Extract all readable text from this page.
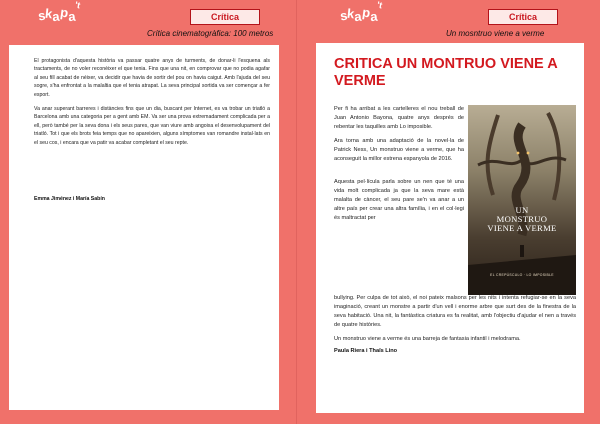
s
k
a
p
a
't
Crítica
Crítica cinematogràfica: 100 metros

El protagonista d'aquesta història va passar quatre anys de turments, de donar-li l'esquena als tractaments, de no voler reconèixer el que tenia. Fins que una nit, en comprovar que no podia agafar al seu fill acabat de néixer, va decidir que havia de sortir del pou on havia caigut. Amb l'ajuda del seu sogre, s'ha enfrontat a la malaltia que el tenia atrapat. La seva principal sortida va ser començar a fer esport.

Va anar superant barreres i distàncies fins que un dia, buscant per Internet, es va trobar un triatló a Barcelona amb una categoria per a gent amb EM. Va ser una prova extremadament complicada per a ell, però també per la seva dona i els seus pares, que van viure amb angoixa el desenvolupament del triatló. Tot i que els brots feia temps que no apareixien, alguns símptomes van romandre instal·lats en el seu cos, i encara que va patir va acabar completant el seu repte.

Emma Jiménez i María Sabín
s
k
a
p
a
't
Crítica
Un mosntruo viene a verme
CRITICA UN MONTRUO VIENE A VERME

Per fi ha arribat a les cartelleres el nou treball de Juan Antonio Bayona, quatre anys després de rebentar les taquilles amb Lo imposible.

Ara torna amb una adaptació de la novel·la de Patrick Ness, Un monstruo viene a verme, que ha aconseguit la millor estrena espanyola de 2016.

Aquesta pel·lícula parla sobre un nen que té una vida molt complicada ja que la seva mare està malalta de càncer, el seu pare se'n va anar a un altre país per crear una altra família, i en el col·legi és maltractat per

UN
MONSTRUO
VIENE A VERME
EL CREPÚSCULO · LO IMPOSIBLE

bullying. Per culpa de tot això, el noi pateix malsons per les nits i intenta refugiar-se en la seva imaginació, creant un monstre a partir d'un vell i enorme arbre que surt des de la finestra de la seva habitació. Una nit, la fantàstica criatura es fa realitat, amb l'objectiu d'ajudar el nen a través de quatre històries.

Un monstruo viene a verme és una barreja de fantasia infantil i melodrama.

Paula Riera i Thaïs Lino
